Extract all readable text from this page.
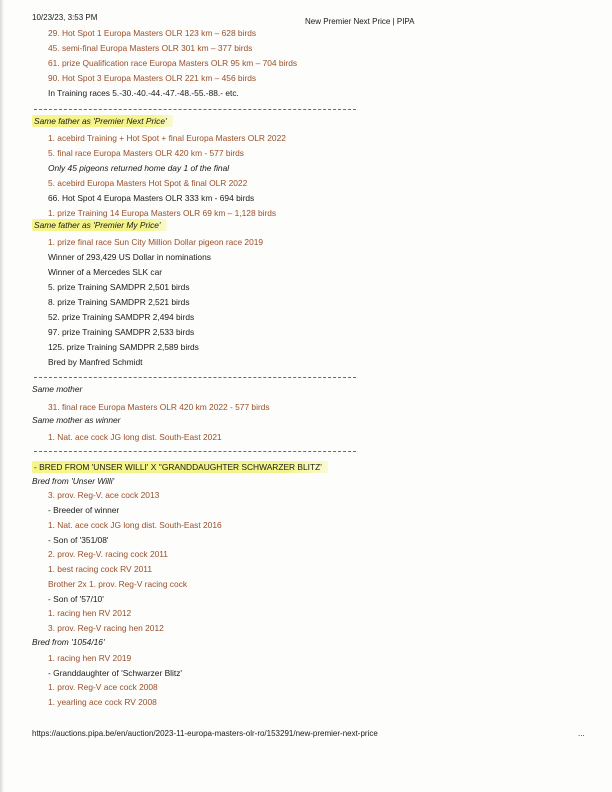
10/23/23, 3:53 PM	New Premier Next Price | PIPA
29. Hot Spot 1 Europa Masters OLR 123 km – 628 birds
45. semi-final Europa Masters OLR 301 km – 377 birds
61. prize Qualification race Europa Masters OLR 95 km – 704 birds
90. Hot Spot 3 Europa Masters OLR 221 km – 456 birds
In Training races 5.-30.-40.-44.-47.-48.-55.-88.- etc.
Same father as 'Premier Next Price'
1. acebird Training + Hot Spot + final Europa Masters OLR 2022
5. final race Europa Masters OLR 420 km - 577 birds
Only 45 pigeons returned home day 1 of the final
5. acebird Europa Masters Hot Spot & final OLR 2022
66. Hot Spot 4 Europa Masters OLR 333 km - 694 birds
1. prize Training 14 Europa Masters OLR 69 km – 1,128 birds
Same father as 'Premier My Price'
1. prize final race Sun City Million Dollar pigeon race 2019
Winner of 293,429 US Dollar in nominations
Winner of a Mercedes SLK car
5. prize Training SAMDPR 2,501 birds
8. prize Training SAMDPR 2,521 birds
52. prize Training SAMDPR 2,494 birds
97. prize Training SAMDPR 2,533 birds
125. prize Training SAMDPR 2,589 birds
Bred by Manfred Schmidt
Same mother
31. final race Europa Masters OLR 420 km 2022 - 577 birds
Same mother as winner
1. Nat. ace cock JG long dist. South-East 2021
- BRED FROM 'UNSER WILLI' X ''GRANDDAUGHTER SCHWARZER BLITZ'
Bred from 'Unser Willi'
3. prov. Reg-V. ace cock 2013
- Breeder of winner
1. Nat. ace cock JG long dist. South-East 2016
- Son of '351/08'
2. prov. Reg-V. racing cock 2011
1. best racing cock RV 2011
Brother 2x 1. prov. Reg-V racing cock
- Son of '57/10'
1. racing hen RV 2012
3. prov. Reg-V racing hen 2012
Bred from '1054/16'
1. racing hen RV 2019
- Granddaughter of 'Schwarzer Blitz'
1. prov. Reg-V ace cock 2008
1. yearling ace cock RV 2008
https://auctions.pipa.be/en/auction/2023-11-europa-masters-olr-ro/153291/new-premier-next-price	...
